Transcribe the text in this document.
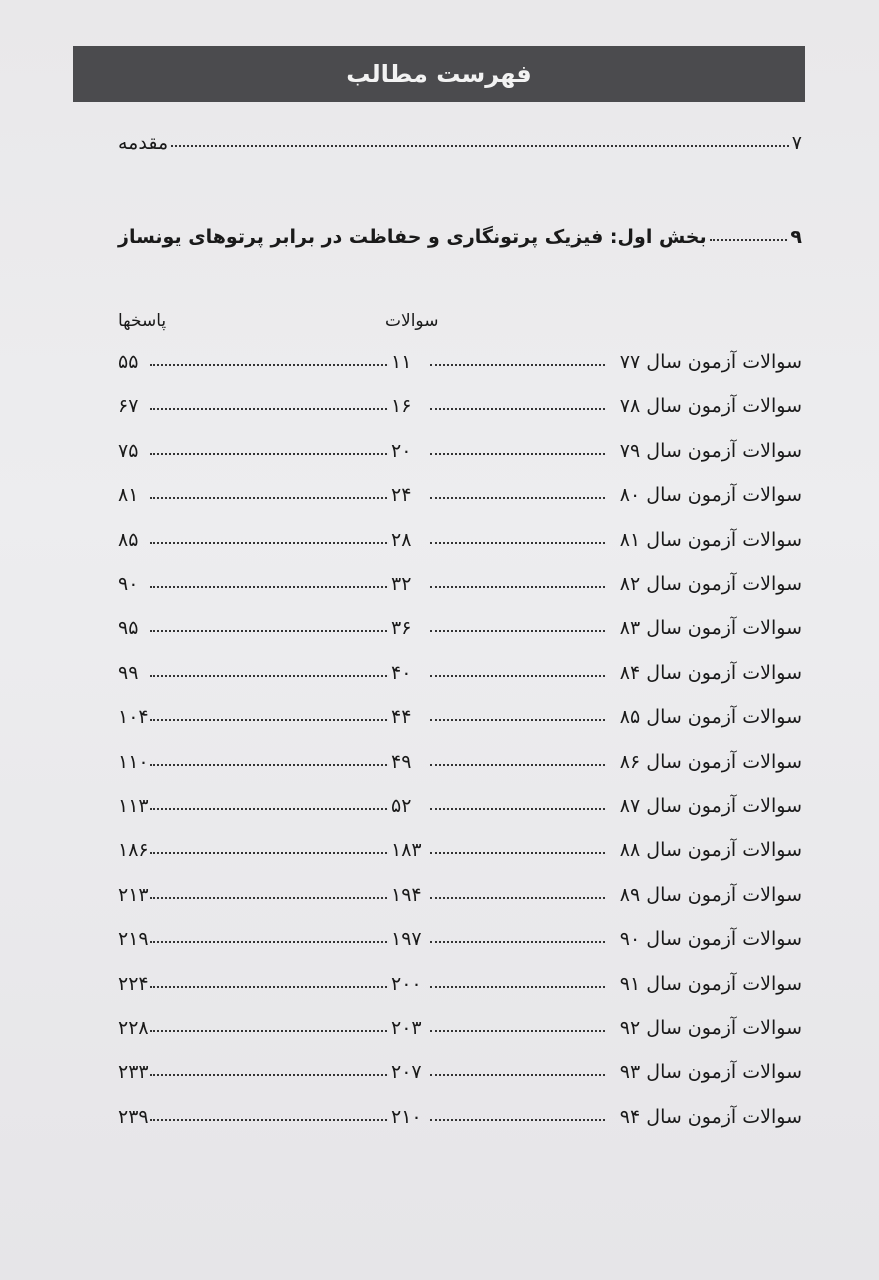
فهرست مطالب
مقدمه	۷
بخش اول: فیزیک پرتونگاری و حفاظت در برابر پرتوهای یونساز	۹
سوالات
پاسخها
سوالات آزمون سال ۷۷
۱۱
۵۵
سوالات آزمون سال ۷۸
۱۶
۶۷
سوالات آزمون سال ۷۹
۲۰
۷۵
سوالات آزمون سال ۸۰
۲۴
۸۱
سوالات آزمون سال ۸۱
۲۸
۸۵
سوالات آزمون سال ۸۲
۳۲
۹۰
سوالات آزمون سال ۸۳
۳۶
۹۵
سوالات آزمون سال ۸۴
۴۰
۹۹
سوالات آزمون سال ۸۵
۴۴
۱۰۴
سوالات آزمون سال ۸۶
۴۹
۱۱۰
سوالات آزمون سال ۸۷
۵۲
۱۱۳
سوالات آزمون سال ۸۸
۱۸۳
۱۸۶
سوالات آزمون سال ۸۹
۱۹۴
۲۱۳
سوالات آزمون سال ۹۰
۱۹۷
۲۱۹
سوالات آزمون سال ۹۱
۲۰۰
۲۲۴
سوالات آزمون سال ۹۲
۲۰۳
۲۲۸
سوالات آزمون سال ۹۳
۲۰۷
۲۳۳
سوالات آزمون سال ۹۴
۲۱۰
۲۳۹
